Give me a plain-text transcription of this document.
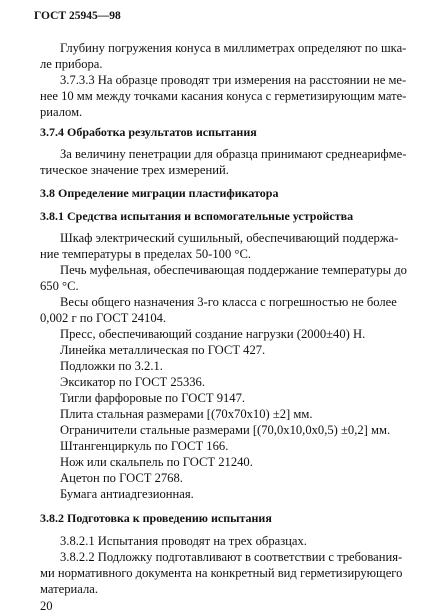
ГОСТ 25945—98
Глубину погружения конуса в миллиметрах определяют по шка-
ле прибора.
3.7.3.3 На образце проводят три измерения на расстоянии не ме-
нее 10 мм между точками касания конуса с герметизирующим мате-
риалом.
3.7.4 Обработка результатов испытания
За величину пенетрации для образца принимают среднеарифме-
тическое значение трех измерений.
3.8 Определение миграции пластификатора
3.8.1 Средства испытания и вспомогательные устройства
Шкаф электрический сушильный, обеспечивающий поддержа-
ние температуры в пределах 50-100 °С.
Печь муфельная, обеспечивающая поддержание температуры до
650 °С.
Весы общего назначения 3-го класса с погрешностью не более
0,002 г по ГОСТ 24104.
Пресс, обеспечивающий создание нагрузки (2000±40) Н.
Линейка металлическая по ГОСТ 427.
Подложки по 3.2.1.
Эксикатор по ГОСТ 25336.
Тигли фарфоровые по ГОСТ 9147.
Плита стальная размерами [(70х70х10) ±2] мм.
Ограничители стальные размерами [(70,0х10,0х0,5) ±0,2] мм.
Штангенциркуль по ГОСТ 166.
Нож или скальпель по ГОСТ 21240.
Ацетон по ГОСТ 2768.
Бумага антиадгезионная.
3.8.2 Подготовка к проведению испытания
3.8.2.1 Испытания проводят на трех образцах.
3.8.2.2 Подложку подготавливают в соответствии с требования-
ми нормативного документа на конкретный вид герметизирующего
материала.
20
